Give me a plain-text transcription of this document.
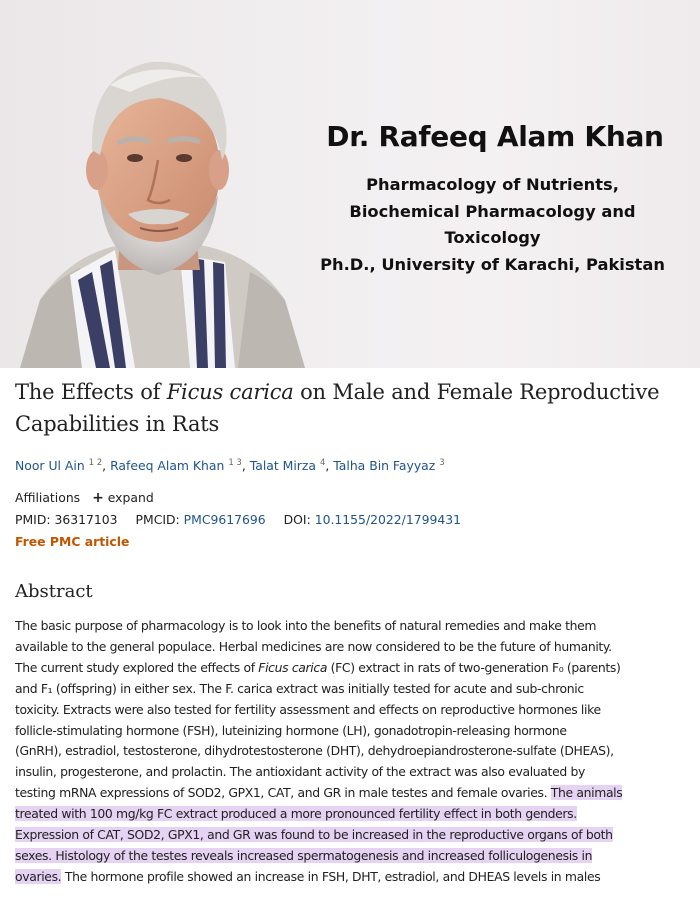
Dr. Rafeeq Alam Khan
Pharmacology of Nutrients,
Biochemical Pharmacology and
Toxicology
Ph.D., University of Karachi, Pakistan
The Effects of Ficus carica on Male and Female Reproductive Capabilities in Rats
Noor Ul Ain $^{1 2}$, Rafeeq Alam Khan $^{1 3}$, Talat Mirza $^4$, Talha Bin Fayyaz $^3$
Affiliations + expand
PMID: 36317103 PMCID: PMC9617696 DOI: 10.1155/2022/1799431
Free PMC article
Abstract
The basic purpose of pharmacology is to look into the benefits of natural remedies and make them
available to the general populace. Herbal medicines are now considered to be the future of humanity.
The current study explored the effects of Ficus carica (FC) extract in rats of two-generation F₀ (parents)
and F₁ (offspring) in either sex. The F. carica extract was initially tested for acute and sub-chronic
toxicity. Extracts were also tested for fertility assessment and effects on reproductive hormones like
follicle-stimulating hormone (FSH), luteinizing hormone (LH), gonadotropin-releasing hormone
(GnRH), estradiol, testosterone, dihydrotestosterone (DHT), dehydroepiandrosterone-sulfate (DHEAS),
insulin, progesterone, and prolactin. The antioxidant activity of the extract was also evaluated by
testing mRNA expressions of SOD2, GPX1, CAT, and GR in male testes and female ovaries. The animals
treated with 100 mg/kg FC extract produced a more pronounced fertility effect in both genders.
Expression of CAT, SOD2, GPX1, and GR was found to be increased in the reproductive organs of both
sexes. Histology of the testes reveals increased spermatogenesis and increased folliculogenesis in
ovaries. The hormone profile showed an increase in FSH, DHT, estradiol, and DHEAS levels in males
